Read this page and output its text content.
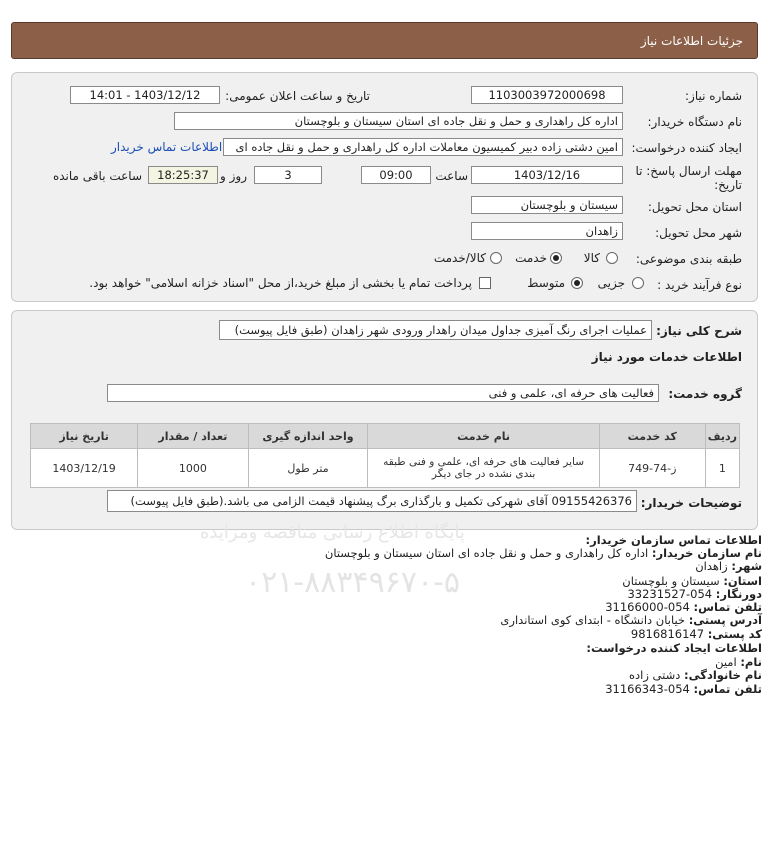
جزئیات اطلاعات نیاز
شماره نیاز:
1103003972000698
تاریخ و ساعت اعلان عمومی:
1403/12/12 - 14:01
نام دستگاه خریدار:
اداره کل راهداری و حمل و نقل جاده ای استان سیستان و بلوچستان
ایجاد کننده درخواست:
امین دشتی زاده دبیر کمیسیون معاملات اداره کل راهداری و حمل و نقل جاده ای
اطلاعات تماس خریدار
مهلت ارسال پاسخ: تا
تاریخ:
1403/12/16
ساعت
09:00
3
روز و
18:25:37
ساعت باقی مانده
استان محل تحویل:
سیستان و بلوچستان
شهر محل تحویل:
زاهدان
طبقه بندی موضوعی:
کالا
خدمت
کالا/خدمت
نوع فرآیند خرید :
جزیی
متوسط
پرداخت تمام یا بخشی از مبلغ خرید،از محل "اسناد خزانه اسلامی" خواهد بود.
شرح کلی نیاز:
عملیات اجرای رنگ آمیزی جداول میدان راهدار ورودی شهر زاهدان (طبق فایل پیوست)
اطلاعات خدمات مورد نیاز
گروه خدمت:
فعالیت های حرفه ای، علمی و فنی
ردیف	کد خدمت	نام خدمت	واحد اندازه گیری	تعداد / مقدار	تاریخ نیاز
1	ز-74-749	سایر فعالیت های حرفه ای، علمی و فنی طبقه بندی نشده در جای دیگر	متر طول	1000	1403/12/19
توضیحات خریدار:
09155426376 آقای شهرکی تکمیل و بارگذاری برگ پیشنهاد قیمت الزامی می باشد.(طبق فایل پیوست)
۰۲۱-۸۸۳۴۹۶۷۰-۵
پایگاه اطلاع رسانی مناقصه ومزایده	اطلاعات تماس سازمان خریدار:
نام سازمان خریدار: اداره کل راهداری و حمل و نقل جاده ای استان سیستان و بلوچستان
شهر: زاهدان
استان: سیستان و بلوچستان
دورنگار: 054-33231527
تلفن تماس: 054-31166000
آدرس پستی: خیابان دانشگاه - ابتدای کوی استانداری
کد پستی: 9816816147
اطلاعات ایجاد کننده درخواست:
نام: امین
نام خانوادگی: دشتی زاده
تلفن تماس: 054-31166343
